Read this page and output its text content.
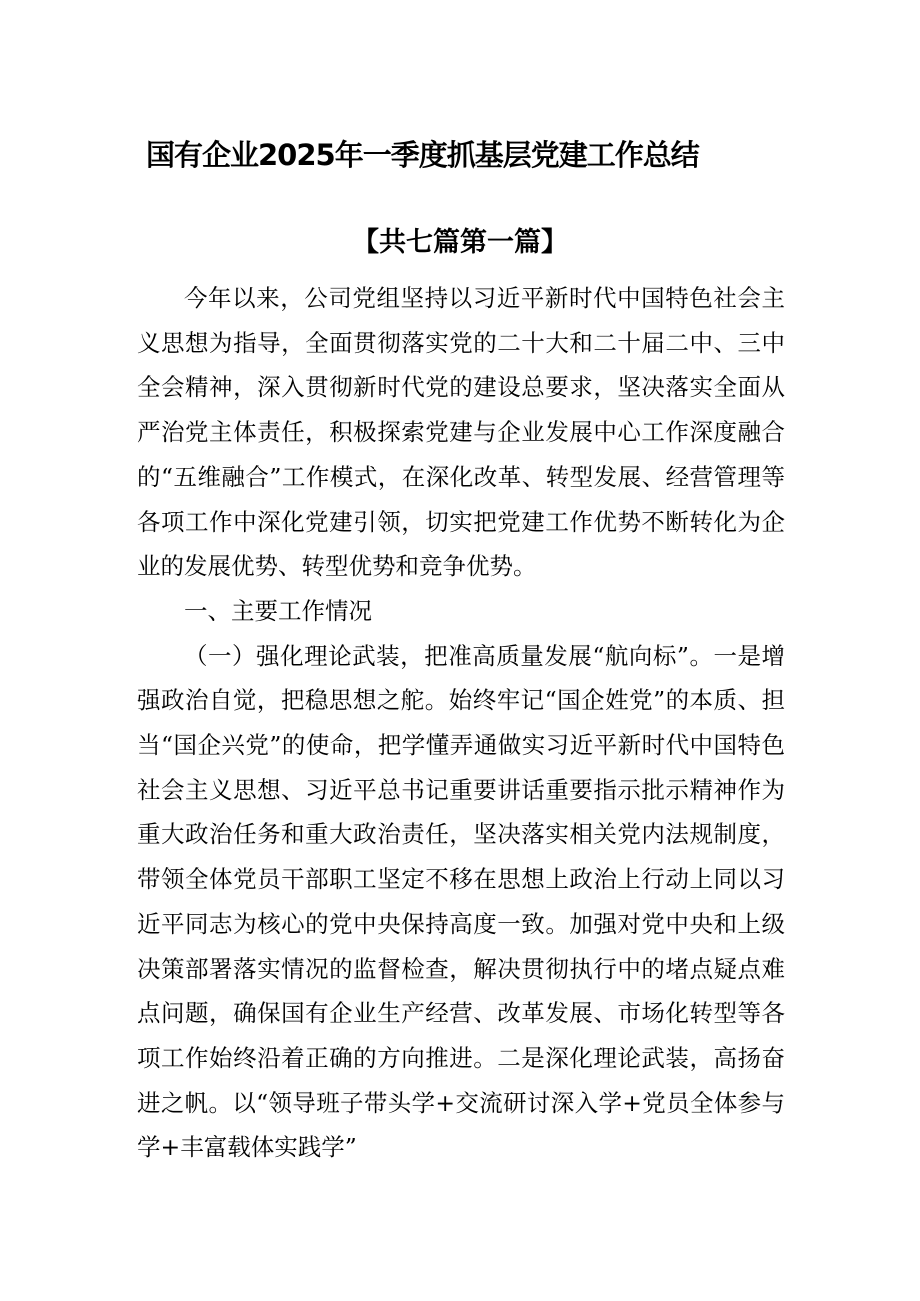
国有企业2025年一季度抓基层党建工作总结
【共七篇第一篇】

今年以来，公司党组坚持以习近平新时代中国特色社会主义思想为指导，全面贯彻落实党的二十大和二十届二中、三中全会精神，深入贯彻新时代党的建设总要求，坚决落实全面从严治党主体责任，积极探索党建与企业发展中心工作深度融合的“五维融合”工作模式，在深化改革、转型发展、经营管理等各项工作中深化党建引领，切实把党建工作优势不断转化为企业的发展优势、转型优势和竞争优势。

一、主要工作情况

（一）强化理论武装，把准高质量发展“航向标”。一是增强政治自觉，把稳思想之舵。始终牢记“国企姓党”的本质、担当“国企兴党”的使命，把学懂弄通做实习近平新时代中国特色社会主义思想、习近平总书记重要讲话重要指示批示精神作为重大政治任务和重大政治责任，坚决落实相关党内法规制度，带领全体党员干部职工坚定不移在思想上政治上行动上同以习近平同志为核心的党中央保持高度一致。加强对党中央和上级决策部署落实情况的监督检查，解决贯彻执行中的堵点疑点难点问题，确保国有企业生产经营、改革发展、市场化转型等各项工作始终沿着正确的方向推进。二是深化理论武装，高扬奋进之帆。以“领导班子带头学+交流研讨深入学+党员全体参与学+丰富载体实践学”
